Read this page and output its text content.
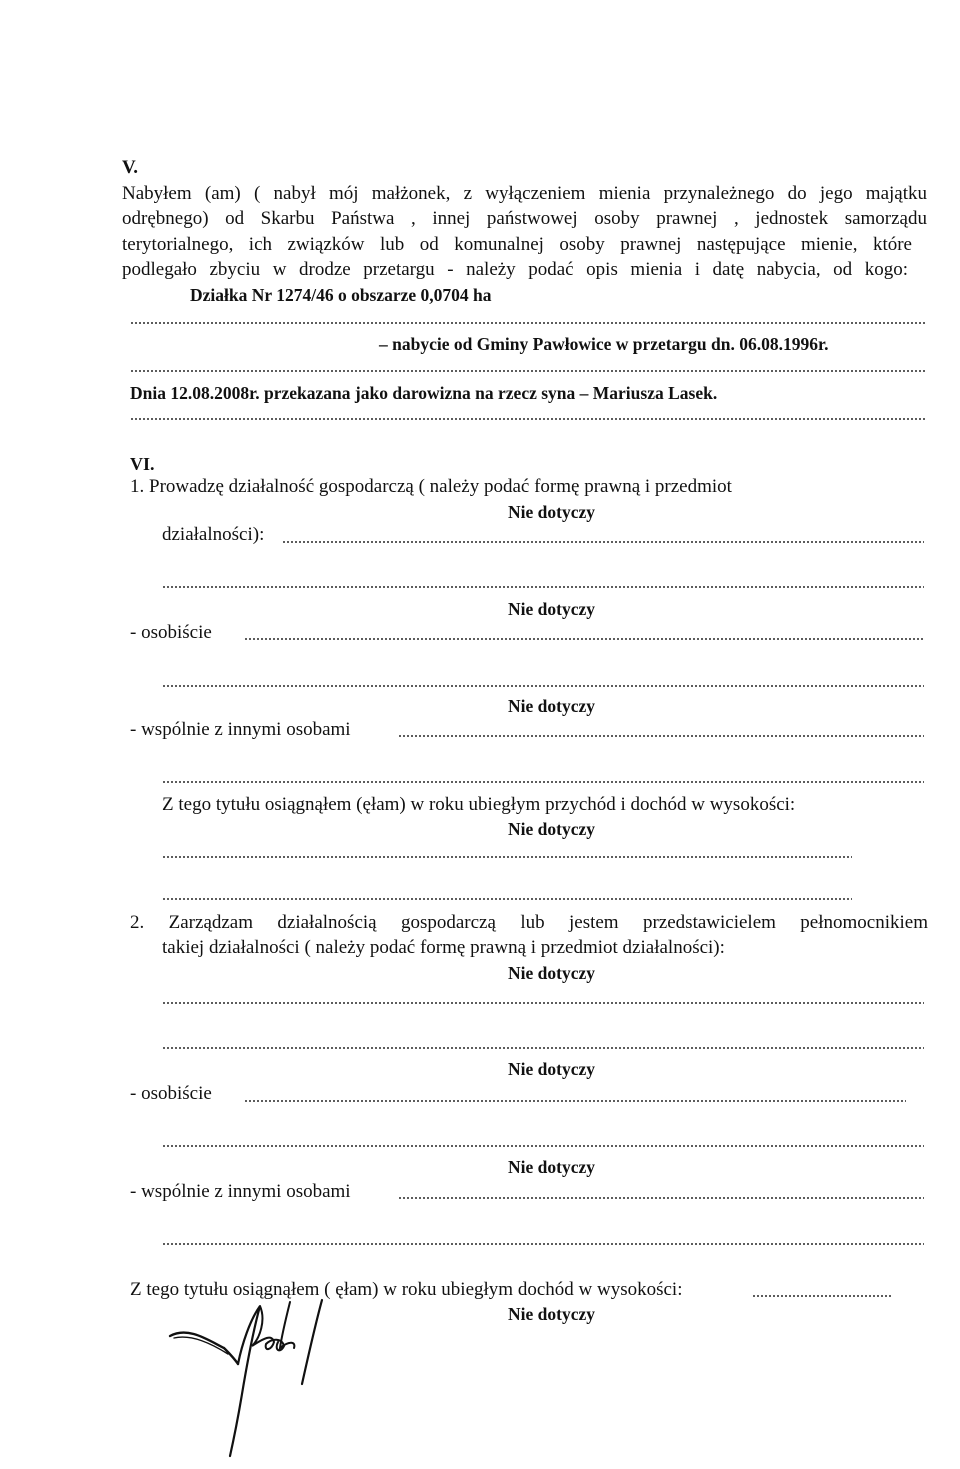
V.
Nabyłem (am) ( nabył mój małżonek, z wyłączeniem mienia przynależnego do jego majątku
odrębnego) od Skarbu Państwa , innej państwowej osoby prawnej , jednostek samorządu
terytorialnego, ich związków lub od komunalnej osoby prawnej następujące mienie, które
podlegało zbyciu w drodze przetargu - należy podać opis mienia i datę nabycia, od kogo:
Działka Nr 1274/46 o obszarze 0,0704 ha
– nabycie od Gminy Pawłowice w przetargu dn. 06.08.1996r.
Dnia 12.08.2008r. przekazana jako darowizna na rzecz syna – Mariusza Lasek.
VI.
1. Prowadzę działalność gospodarczą ( należy podać formę prawną i przedmiot
Nie dotyczy
działalności):
Nie dotyczy
- osobiście
Nie dotyczy
- wspólnie z innymi osobami
Z tego tytułu osiągnąłem (ęłam) w roku ubiegłym przychód i dochód w wysokości:
Nie dotyczy
2. Zarządzam działalnością gospodarczą lub jestem przedstawicielem pełnomocnikiem
takiej działalności ( należy podać formę prawną i przedmiot działalności):
Nie dotyczy
Nie dotyczy
- osobiście
Nie dotyczy
- wspólnie z innymi osobami
Z tego tytułu osiągnąłem ( ęłam) w roku ubiegłym dochód w wysokości:
Nie dotyczy
